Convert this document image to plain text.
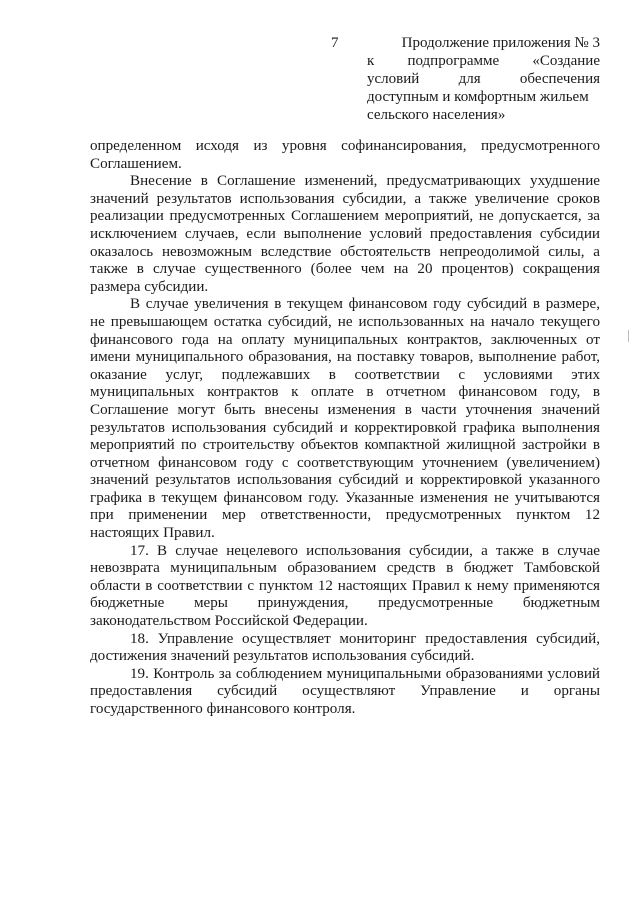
7	Продолжение приложения № 3
к подпрограмме «Создание
условий	для	обеспечения
доступным и комфортным жильем
сельского населения»

определенном исходя из уровня софинансирования, предусмотренного Соглашением.

Внесение в Соглашение изменений, предусматривающих ухудшение значений результатов использования субсидии, а также увеличение сроков реализации предусмотренных Соглашением мероприятий, не допускается, за исключением случаев, если выполнение условий предоставления субсидии оказалось невозможным вследствие обстоятельств непреодолимой силы, а также в случае существенного (более чем на 20 процентов) сокращения размера субсидии.

В случае увеличения в текущем финансовом году субсидий в размере, не превышающем остатка субсидий, не использованных на начало текущего финансового года на оплату муниципальных контрактов, заключенных от имени муниципального образования, на поставку товаров, выполнение работ, оказание услуг, подлежавших в соответствии с условиями этих муниципальных контрактов к оплате в отчетном финансовом году, в Соглашение могут быть внесены изменения в части уточнения значений результатов использования субсидий и корректировкой графика выполнения мероприятий по строительству объектов компактной жилищной застройки в отчетном финансовом году с соответствующим уточнением (увеличением) значений результатов использования субсидий и корректировкой указанного графика в текущем финансовом году. Указанные изменения не учитываются при применении мер ответственности, предусмотренных пунктом 12 настоящих Правил.

17. В случае нецелевого использования субсидии, а также в случае невозврата муниципальным образованием средств в бюджет Тамбовской области в соответствии с пунктом 12 настоящих Правил к нему применяются бюджетные меры принуждения, предусмотренные бюджетным законодательством Российской Федерации.

18. Управление осуществляет мониторинг предоставления субсидий, достижения значений результатов использования субсидий.

19. Контроль за соблюдением муниципальными образованиями условий предоставления субсидий осуществляют Управление и органы государственного финансового контроля.
